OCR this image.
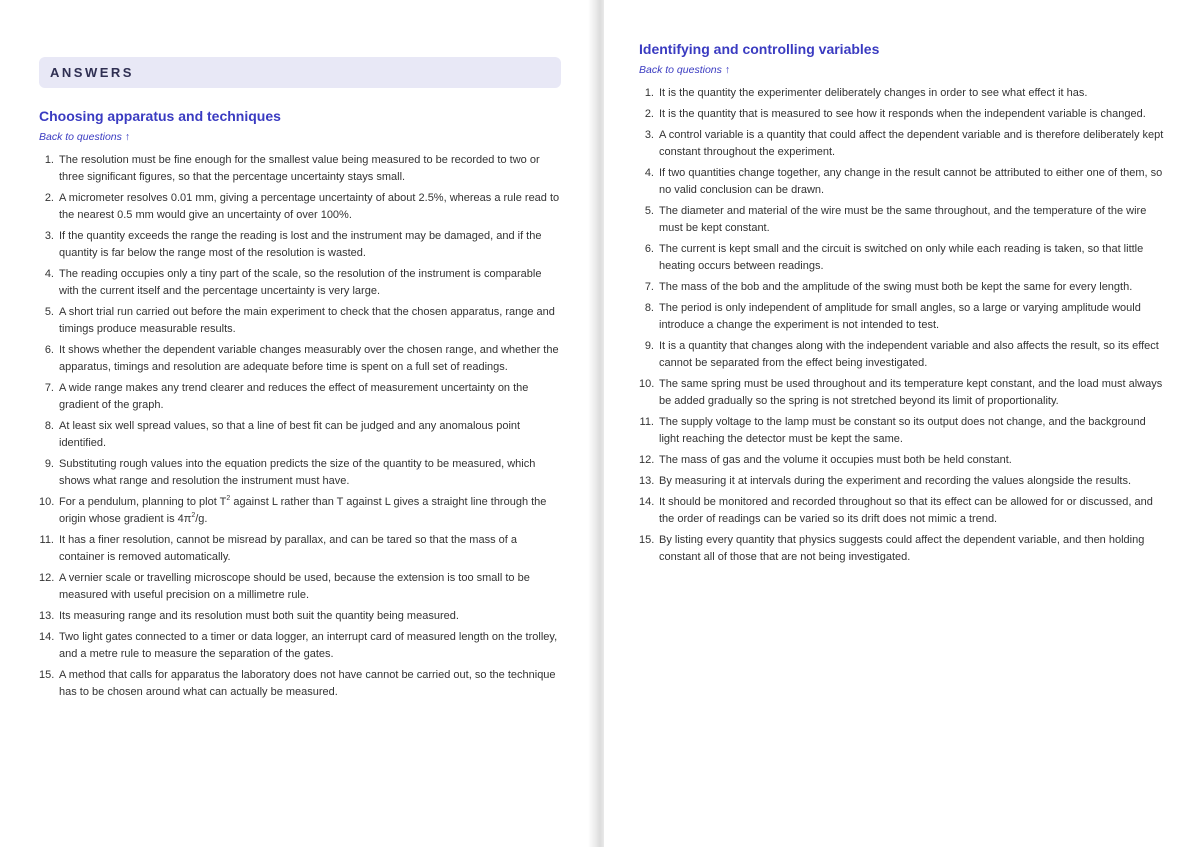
ANSWERS
Choosing apparatus and techniques
Back to questions ↑
1. The resolution must be fine enough for the smallest value being measured to be recorded to two or three significant figures, so that the percentage uncertainty stays small.
2. A micrometer resolves 0.01 mm, giving a percentage uncertainty of about 2.5%, whereas a rule read to the nearest 0.5 mm would give an uncertainty of over 100%.
3. If the quantity exceeds the range the reading is lost and the instrument may be damaged, and if the quantity is far below the range most of the resolution is wasted.
4. The reading occupies only a tiny part of the scale, so the resolution of the instrument is comparable with the current itself and the percentage uncertainty is very large.
5. A short trial run carried out before the main experiment to check that the chosen apparatus, range and timings produce measurable results.
6. It shows whether the dependent variable changes measurably over the chosen range, and whether the apparatus, timings and resolution are adequate before time is spent on a full set of readings.
7. A wide range makes any trend clearer and reduces the effect of measurement uncertainty on the gradient of the graph.
8. At least six well spread values, so that a line of best fit can be judged and any anomalous point identified.
9. Substituting rough values into the equation predicts the size of the quantity to be measured, which shows what range and resolution the instrument must have.
10. For a pendulum, planning to plot $T^2$ against L rather than T against L gives a straight line through the origin whose gradient is $4\pi^2/g$.
11. It has a finer resolution, cannot be misread by parallax, and can be tared so that the mass of a container is removed automatically.
12. A vernier scale or travelling microscope should be used, because the extension is too small to be measured with useful precision on a millimetre rule.
13. Its measuring range and its resolution must both suit the quantity being measured.
14. Two light gates connected to a timer or data logger, an interrupt card of measured length on the trolley, and a metre rule to measure the separation of the gates.
15. A method that calls for apparatus the laboratory does not have cannot be carried out, so the technique has to be chosen around what can actually be measured.
Identifying and controlling variables
Back to questions ↑
1. It is the quantity the experimenter deliberately changes in order to see what effect it has.
2. It is the quantity that is measured to see how it responds when the independent variable is changed.
3. A control variable is a quantity that could affect the dependent variable and is therefore deliberately kept constant throughout the experiment.
4. If two quantities change together, any change in the result cannot be attributed to either one of them, so no valid conclusion can be drawn.
5. The diameter and material of the wire must be the same throughout, and the temperature of the wire must be kept constant.
6. The current is kept small and the circuit is switched on only while each reading is taken, so that little heating occurs between readings.
7. The mass of the bob and the amplitude of the swing must both be kept the same for every length.
8. The period is only independent of amplitude for small angles, so a large or varying amplitude would introduce a change the experiment is not intended to test.
9. It is a quantity that changes along with the independent variable and also affects the result, so its effect cannot be separated from the effect being investigated.
10. The same spring must be used throughout and its temperature kept constant, and the load must always be added gradually so the spring is not stretched beyond its limit of proportionality.
11. The supply voltage to the lamp must be constant so its output does not change, and the background light reaching the detector must be kept the same.
12. The mass of gas and the volume it occupies must both be held constant.
13. By measuring it at intervals during the experiment and recording the values alongside the results.
14. It should be monitored and recorded throughout so that its effect can be allowed for or discussed, and the order of readings can be varied so its drift does not mimic a trend.
15. By listing every quantity that physics suggests could affect the dependent variable, and then holding constant all of those that are not being investigated.
